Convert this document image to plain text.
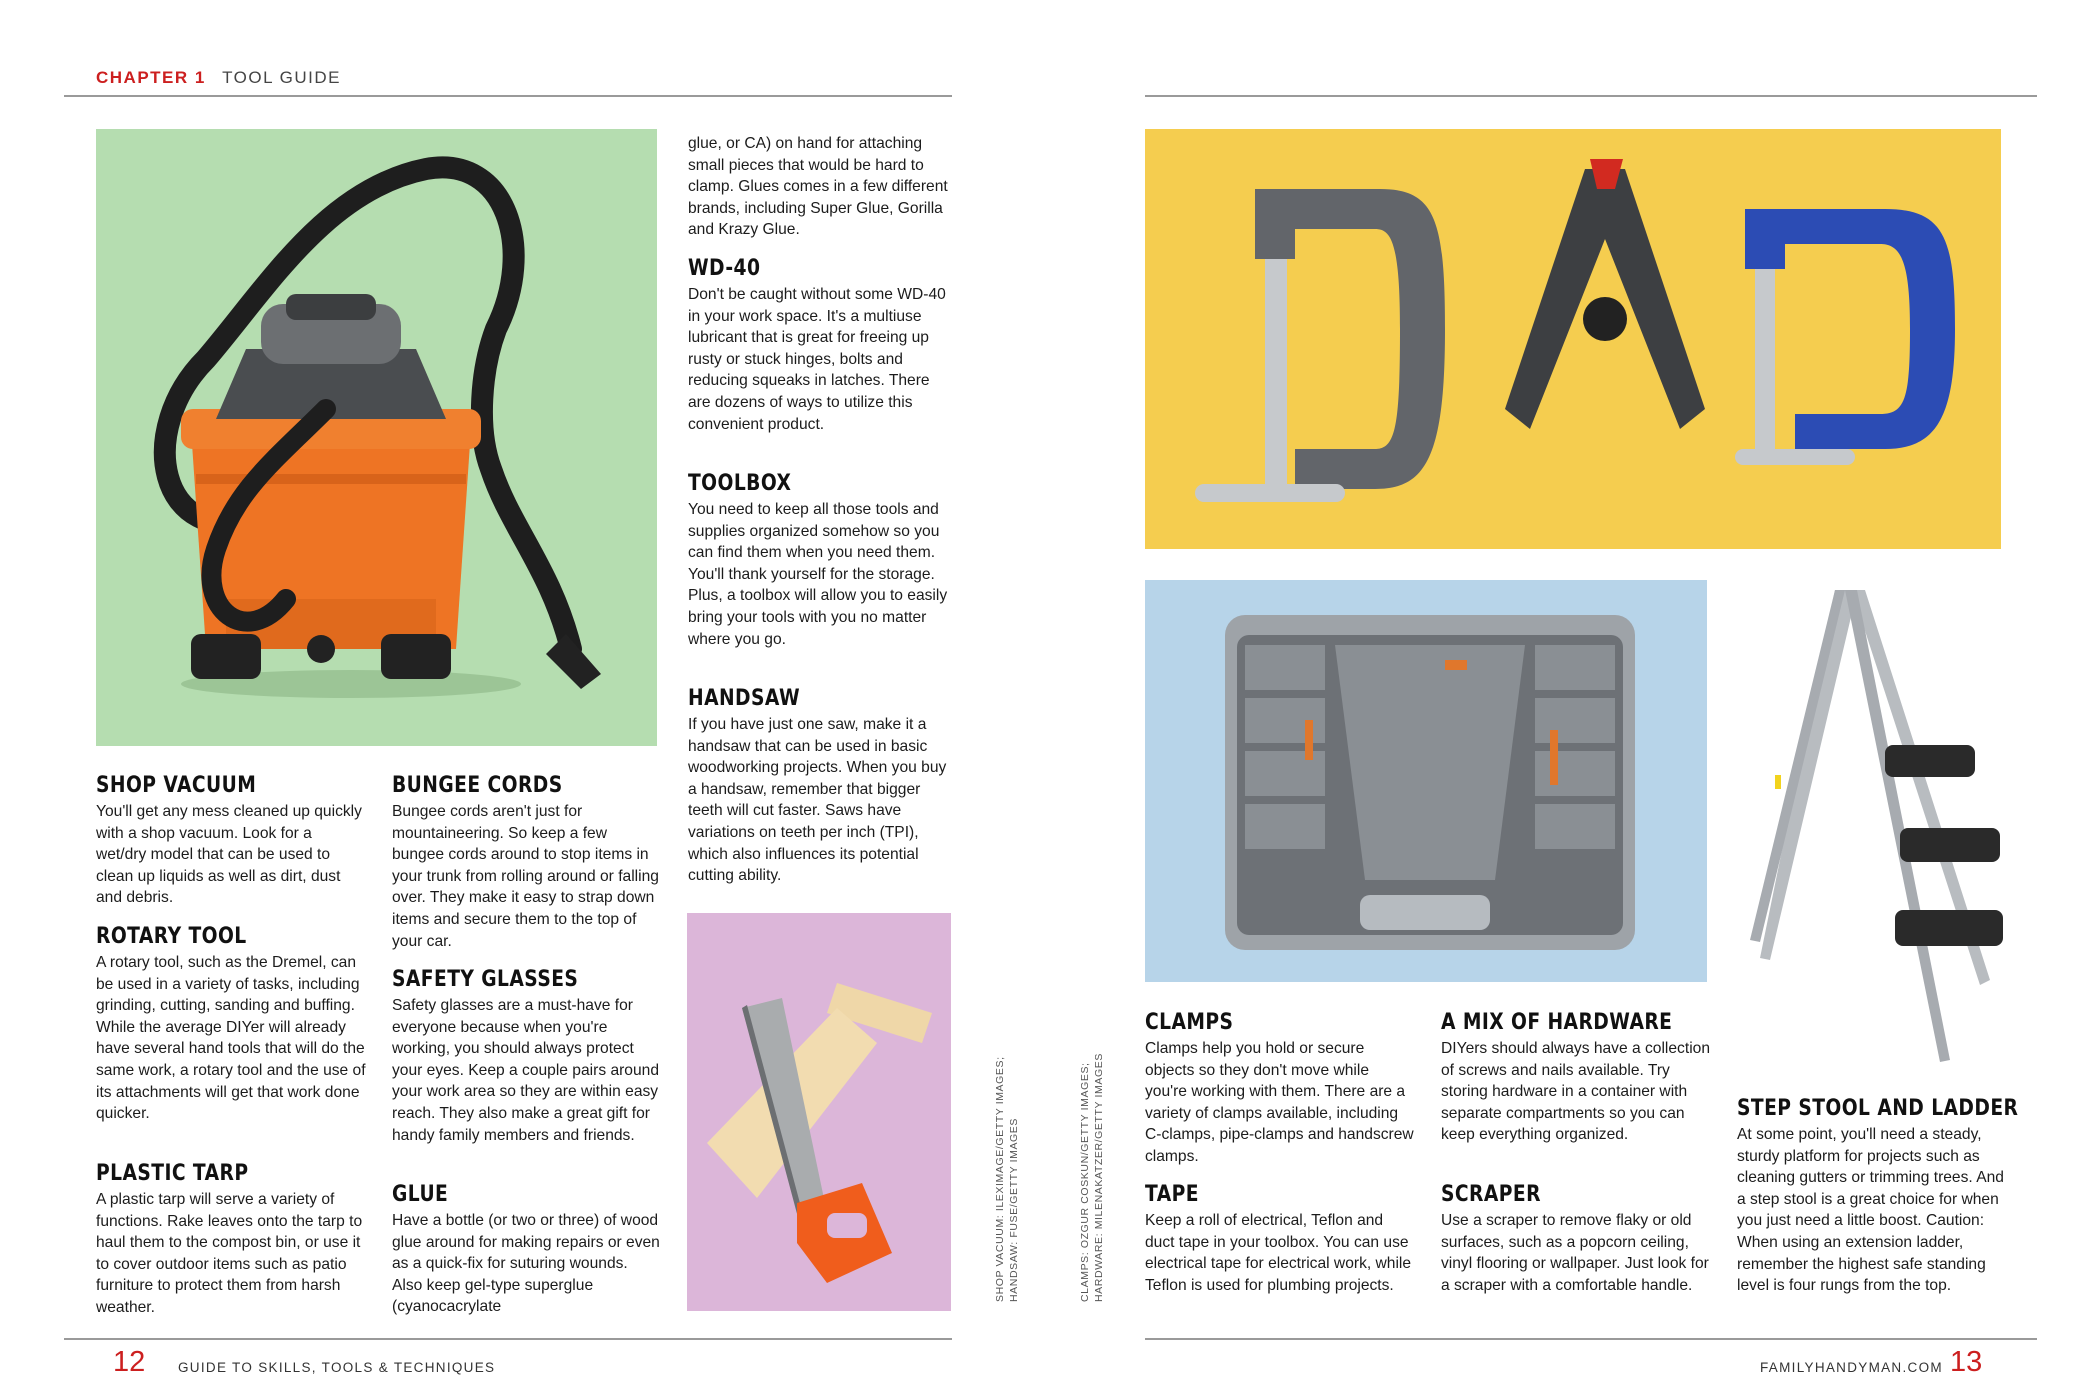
CHAPTER 1 TOOL GUIDE
SHOP VACUUM

You'll get any mess cleaned up quickly with a shop vacuum. Look for a wet/dry model that can be used to clean up liquids as well as dirt, dust and debris.

ROTARY TOOL

A rotary tool, such as the Dremel, can be used in a variety of tasks, including grinding, cutting, sanding and buffing. While the average DIYer will already have several hand tools that will do the same work, a rotary tool and the use of its attachments will get that work done quicker.

PLASTIC TARP

A plastic tarp will serve a variety of functions. Rake leaves onto the tarp to haul them to the compost bin, or use it to cover outdoor items such as patio furniture to protect them from harsh weather.

BUNGEE CORDS

Bungee cords aren't just for mountaineering. So keep a few bungee cords around to stop items in your trunk from rolling around or falling over. They make it easy to strap down items and secure them to the top of your car.

SAFETY GLASSES

Safety glasses are a must-have for everyone because when you're working, you should always protect your eyes. Keep a couple pairs around your work area so they are within easy reach. They also make a great gift for handy family members and friends.

GLUE

Have a bottle (or two or three) of wood glue around for making repairs or even as a quick-fix for suturing wounds. Also keep gel-type superglue (cyanocacrylate

glue, or CA) on hand for attaching small pieces that would be hard to clamp. Glues comes in a few different brands, including Super Glue, Gorilla and Krazy Glue.

WD-40

Don't be caught without some WD-40 in your work space. It's a multiuse lubricant that is great for freeing up rusty or stuck hinges, bolts and reducing squeaks in latches. There are dozens of ways to utilize this convenient product.

TOOLBOX

You need to keep all those tools and supplies organized somehow so you can find them when you need them. You'll thank yourself for the storage. Plus, a toolbox will allow you to easily bring your tools with you no matter where you go.

HANDSAW

If you have just one saw, make it a handsaw that can be used in basic woodworking projects. When you buy a handsaw, remember that bigger teeth will cut faster. Saws have variations on teeth per inch (TPI), which also influences its potential cutting ability.

SHOP VACUUM: ILEXIMAGE/GETTY IMAGES; HANDSAW: FUSE/GETTY IMAGES	CLAMPS: OZGUR COSKUN/GETTY IMAGES; HARDWARE: MILENAKATZER/GETTY IMAGES
CLAMPS

Clamps help you hold or secure objects so they don't move while you're working with them. There are a variety of clamps available, including C-clamps, pipe-clamps and handscrew clamps.

TAPE

Keep a roll of electrical, Teflon and duct tape in your toolbox. You can use electrical tape for electrical work, while Teflon is used for plumbing projects.

A MIX OF HARDWARE

DIYers should always have a collection of screws and nails available. Try storing hardware in a container with separate compartments so you can keep everything organized.

SCRAPER

Use a scraper to remove flaky or old surfaces, such as a popcorn ceiling, vinyl flooring or wallpaper. Just look for a scraper with a comfortable handle.

STEP STOOL AND LADDER

At some point, you'll need a steady, sturdy platform for projects such as cleaning gutters or trimming trees. And a step stool is a great choice for when you just need a little boost. Caution: When using an extension ladder, remember the highest safe standing level is four rungs from the top.

12 GUIDE TO SKILLS, TOOLS & TECHNIQUES	FAMILYHANDYMAN.COM 13
